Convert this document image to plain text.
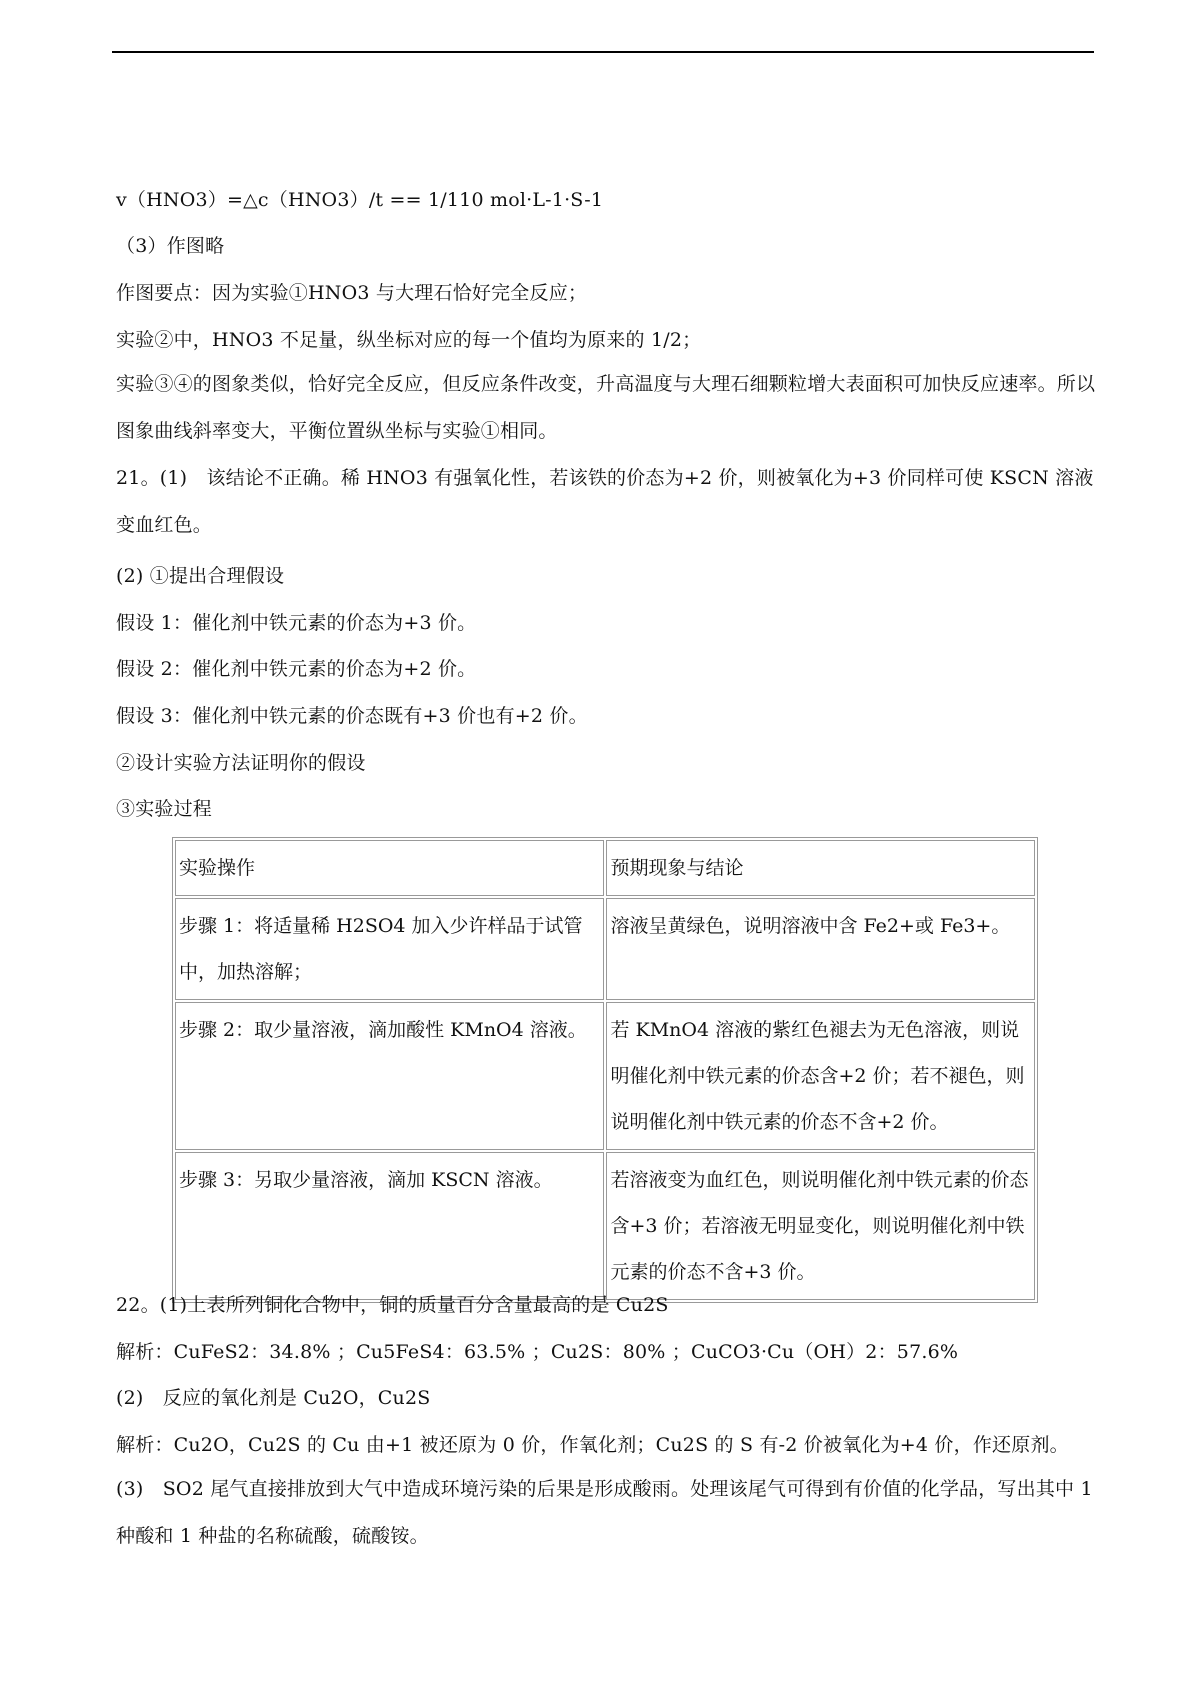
v（HNO3）=△c（HNO3）/t == 1/110 mol·L-1·S-1
（3）作图略
作图要点：因为实验①HNO3 与大理石恰好完全反应；
实验②中，HNO3 不足量，纵坐标对应的每一个值均为原来的 1/2；
实验③④的图象类似，恰好完全反应，但反应条件改变，升高温度与大理石细颗粒增大表面积可加快反应速率。所以图象曲线斜率变大，平衡位置纵坐标与实验①相同。
21。(1)　该结论不正确。稀 HNO3 有强氧化性，若该铁的价态为+2 价，则被氧化为+3 价同样可使 KSCN 溶液变血红色。
(2) ①提出合理假设
假设 1：催化剂中铁元素的价态为+3 价。
假设 2：催化剂中铁元素的价态为+2 价。
假设 3：催化剂中铁元素的价态既有+3 价也有+2 价。
②设计实验方法证明你的假设
③实验过程
实验操作	预期现象与结论
步骤 1：将适量稀 H2SO4 加入少许样品于试管中，加热溶解；	溶液呈黄绿色，说明溶液中含 Fe2+或 Fe3+。
步骤 2：取少量溶液，滴加酸性 KMnO4 溶液。	若 KMnO4 溶液的紫红色褪去为无色溶液，则说明催化剂中铁元素的价态含+2 价；若不褪色，则说明催化剂中铁元素的价态不含+2 价。
步骤 3：另取少量溶液，滴加 KSCN 溶液。	若溶液变为血红色，则说明催化剂中铁元素的价态含+3 价；若溶液无明显变化，则说明催化剂中铁元素的价态不含+3 价。
22。(1)上表所列铜化合物中，铜的质量百分含量最高的是 Cu2S
解析：CuFeS2：34.8% ；Cu5FeS4：63.5% ；Cu2S：80% ；CuCO3·Cu（OH）2：57.6%
(2)　反应的氧化剂是 Cu2O，Cu2S
解析：Cu2O，Cu2S 的 Cu 由+1 被还原为 0 价，作氧化剂；Cu2S 的 S 有-2 价被氧化为+4 价，作还原剂。
(3)　SO2 尾气直接排放到大气中造成环境污染的后果是形成酸雨。处理该尾气可得到有价值的化学品，写出其中 1 种酸和 1 种盐的名称硫酸，硫酸铵。
